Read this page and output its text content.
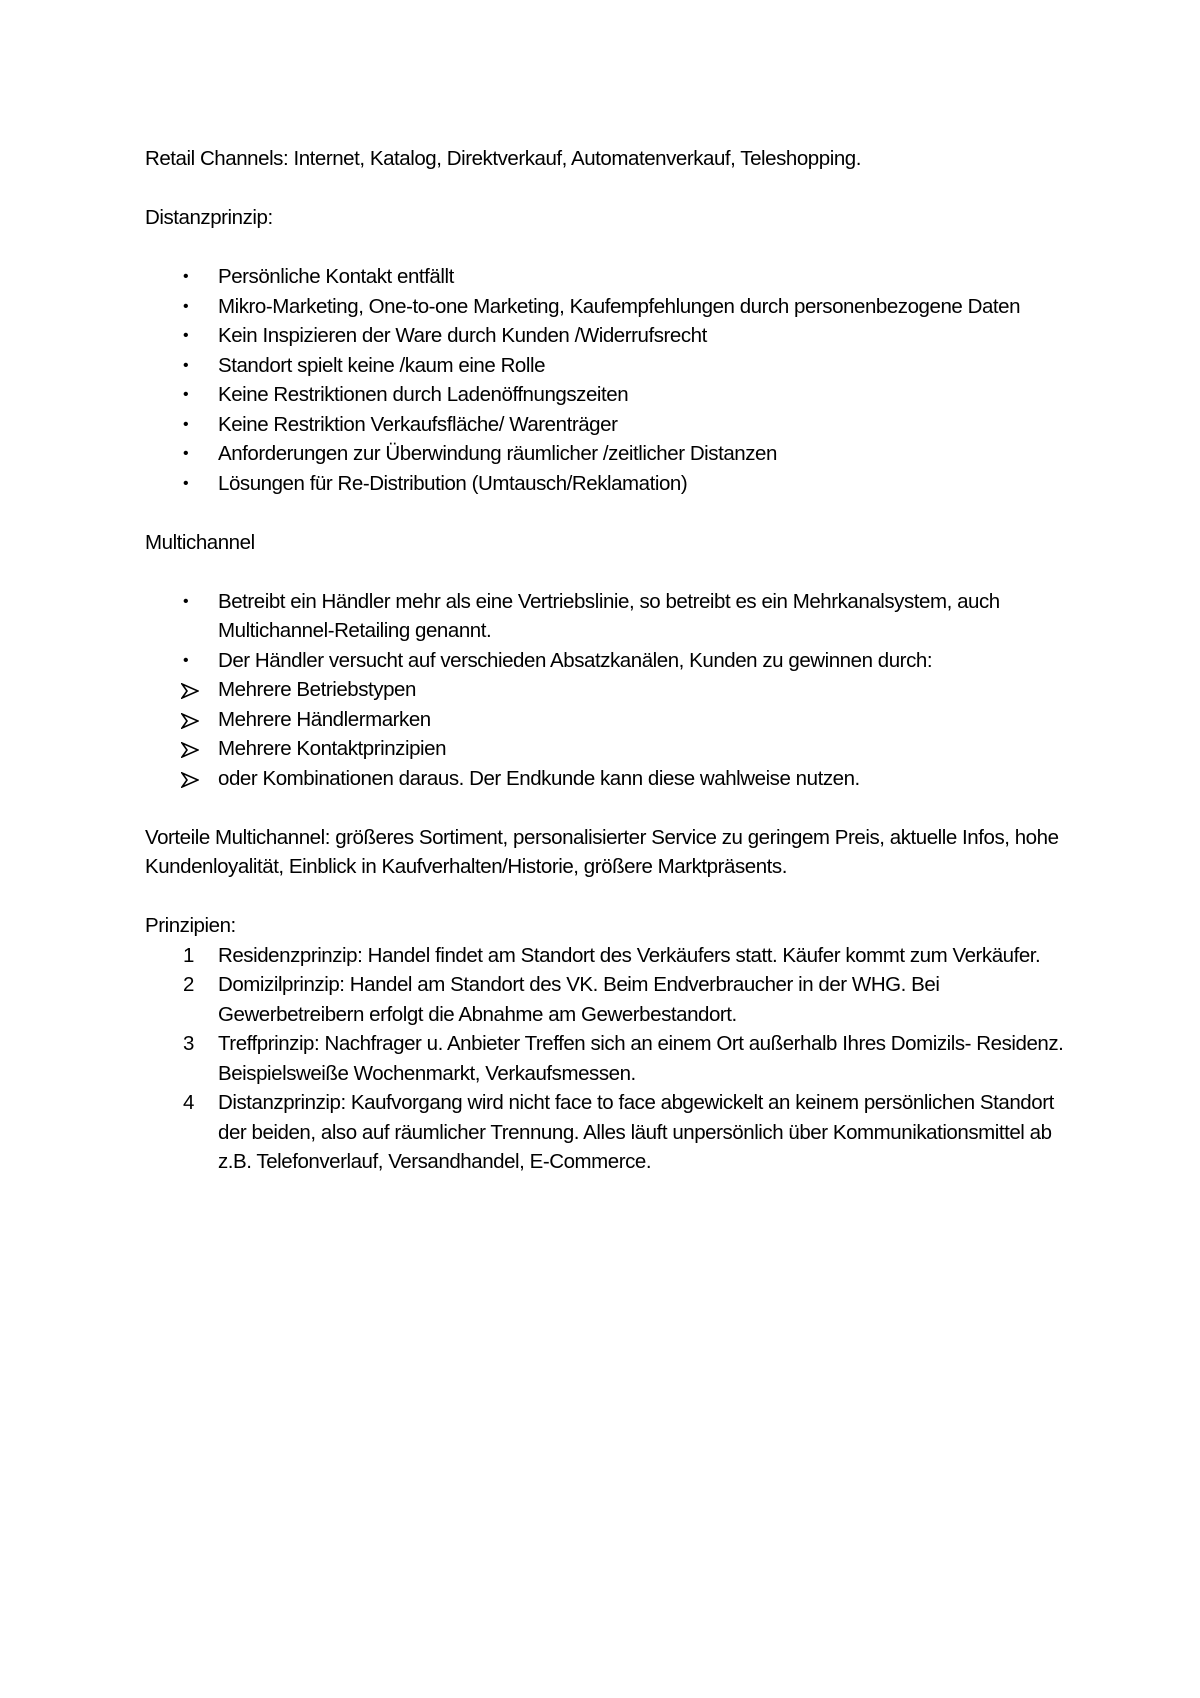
Retail Channels: Internet, Katalog, Direktverkauf, Automatenverkauf, Teleshopping.

Distanzprinzip:

•	Persönliche Kontakt entfällt
•	Mikro-Marketing, One-to-one Marketing, Kaufempfehlungen durch personenbezogene Daten
•	Kein Inspizieren der Ware durch Kunden /Widerrufsrecht
•	Standort spielt keine /kaum eine Rolle
•	Keine Restriktionen durch Ladenöffnungszeiten
•	Keine Restriktion Verkaufsfläche/ Warenträger
•	Anforderungen zur Überwindung räumlicher /zeitlicher Distanzen
•	Lösungen für Re-Distribution (Umtausch/Reklamation)

Multichannel

•	Betreibt ein Händler mehr als eine Vertriebslinie, so betreibt es ein Mehrkanalsystem, auch Multichannel-Retailing genannt.
•	Der Händler versucht auf verschieden Absatzkanälen, Kunden zu gewinnen durch:
Mehrere Betriebstypen
Mehrere Händlermarken
Mehrere Kontaktprinzipien
oder Kombinationen daraus. Der Endkunde kann diese wahlweise nutzen.

Vorteile Multichannel: größeres Sortiment, personalisierter Service zu geringem Preis, aktuelle Infos, hohe Kundenloyalität, Einblick in Kaufverhalten/Historie, größere Marktpräsents.

Prinzipien:

1	Residenzprinzip: Handel findet am Standort des Verkäufers statt. Käufer kommt zum Verkäufer.
2	Domizilprinzip: Handel am Standort des VK. Beim Endverbraucher in der WHG. Bei Gewerbetreibern erfolgt die Abnahme am Gewerbestandort.
3	Treffprinzip: Nachfrager u. Anbieter Treffen sich an einem Ort außerhalb Ihres Domizils- Residenz. Beispielsweiße Wochenmarkt, Verkaufsmessen.
4	Distanzprinzip: Kaufvorgang wird nicht face to face abgewickelt an keinem persönlichen Standort der beiden, also auf räumlicher Trennung. Alles läuft unpersönlich über Kommunikationsmittel ab z.B. Telefonverlauf, Versandhandel, E-Commerce.
